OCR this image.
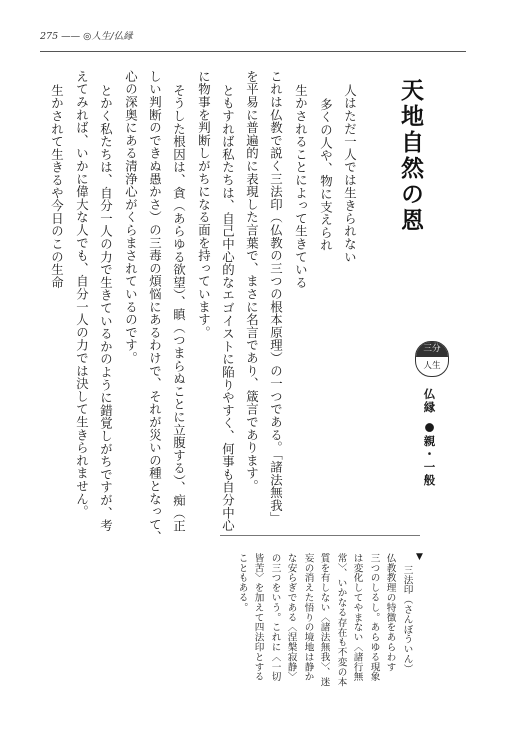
275 —— ◎人生/仏縁
天地自然の恩
三分
人生
仏縁 ●親・一般
人はただ一人では生きられない
多くの人や、物に支えられ
生かされることによって生きている
これは仏教で説く三法印（仏教の三つの根本原理）の一つである。「諸法無我」
を平易に普遍的に表現した言葉で、まさに名言であり、箴言であります。
ともすれば私たちは、自己中心的なエゴイストに陥りやすく、何事も自分中心
に物事を判断しがちになる面を持っています。
そうした根因は、貪（あらゆる欲望）、瞋（つまらぬことに立腹する）、痴（正
しい判断のできぬ愚かさ）の三毒の煩悩にあるわけで、それが災いの種となって、
心の深奥にある清浄心がくらまされているのです。
とかく私たちは、自分一人の力で生きているかのように錯覚しがちですが、考
えてみれば、いかに偉大な人でも、自分一人の力では決して生きられません。
生かされて生きるや今日のこの生命
▼
三法印（さんぼういん）
仏教教理の特徴をあらわす
三つのしるし。あらゆる現象
は変化してやまない〈諸行無
常〉、いかなる存在も不変の本
質を有しない〈諸法無我〉、迷
妄の消えた悟りの境地は静か
な安らぎである〈涅槃寂静〉
の三つをいう。これに〈一切
皆苦〉を加えて四法印とする
こともある。
